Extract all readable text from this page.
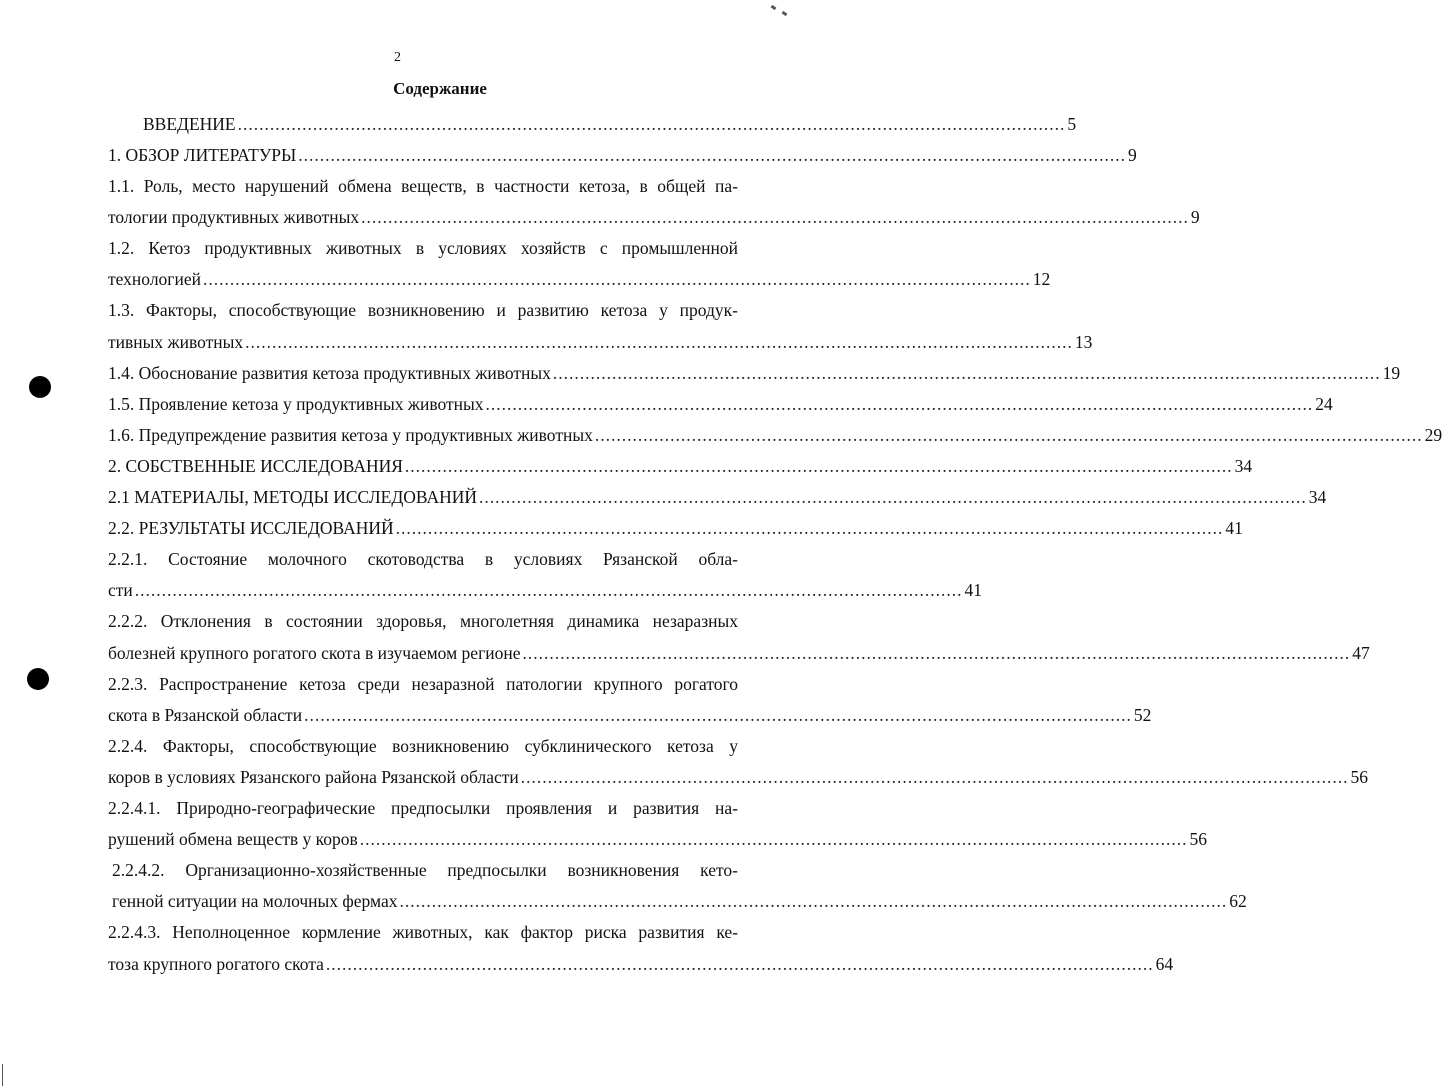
2
Содержание
ВВЕДЕНИЕ .......................................................................................................................................................... 5
1. ОБЗОР ЛИТЕРАТУРЫ .......................................................................................................................................................... 9
1.1. Роль, место нарушений обмена веществ, в частности кетоза, в общей па-
тологии продуктивных животных .......................................................................................................................................................... 9
1.2. Кетоз продуктивных животных в условиях хозяйств с промышленной
технологией .......................................................................................................................................................... 12
1.3. Факторы, способствующие возникновению и развитию кетоза у продук-
тивных животных .......................................................................................................................................................... 13
1.4. Обоснование развития кетоза продуктивных животных .......................................................................................................................................................... 19
1.5. Проявление кетоза у продуктивных животных .......................................................................................................................................................... 24
1.6. Предупреждение развития кетоза у продуктивных животных .......................................................................................................................................................... 29
2. СОБСТВЕННЫЕ ИССЛЕДОВАНИЯ .......................................................................................................................................................... 34
2.1 МАТЕРИАЛЫ, МЕТОДЫ ИССЛЕДОВАНИЙ .......................................................................................................................................................... 34
2.2. РЕЗУЛЬТАТЫ ИССЛЕДОВАНИЙ .......................................................................................................................................................... 41
2.2.1. Состояние молочного скотоводства в условиях Рязанской обла-
сти .......................................................................................................................................................... 41
2.2.2. Отклонения в состоянии здоровья, многолетняя динамика незаразных
болезней крупного рогатого скота в изучаемом регионе .......................................................................................................................................................... 47
2.2.3. Распространение кетоза среди незаразной патологии крупного рогатого
скота в Рязанской области .......................................................................................................................................................... 52
2.2.4. Факторы, способствующие возникновению субклинического кетоза у
коров в условиях Рязанского района Рязанской области .......................................................................................................................................................... 56
2.2.4.1. Природно-географические предпосылки проявления и развития на-
рушений обмена веществ у коров .......................................................................................................................................................... 56
2.2.4.2. Организационно-хозяйственные предпосылки возникновения кето-
генной ситуации на молочных фермах .......................................................................................................................................................... 62
2.2.4.3. Неполноценное кормление животных, как фактор риска развития ке-
тоза крупного рогатого скота .......................................................................................................................................................... 64
